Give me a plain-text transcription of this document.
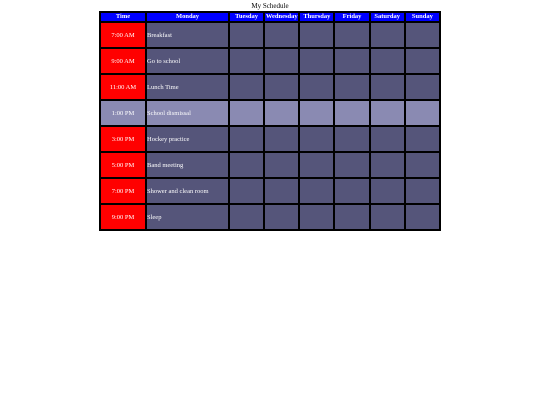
My Schedule
Time	Monday	Tuesday	Wednesday	Thursday	Friday	Saturday	Sunday
7:00 AM	Breakfast						
9:00 AM	Go to school						
11:00 AM	Lunch Time						
1:00 PM	School dismissal						
3:00 PM	Hockey practice						
5:00 PM	Band meeting						
7:00 PM	Shower and clean room						
9:00 PM	Sleep						
